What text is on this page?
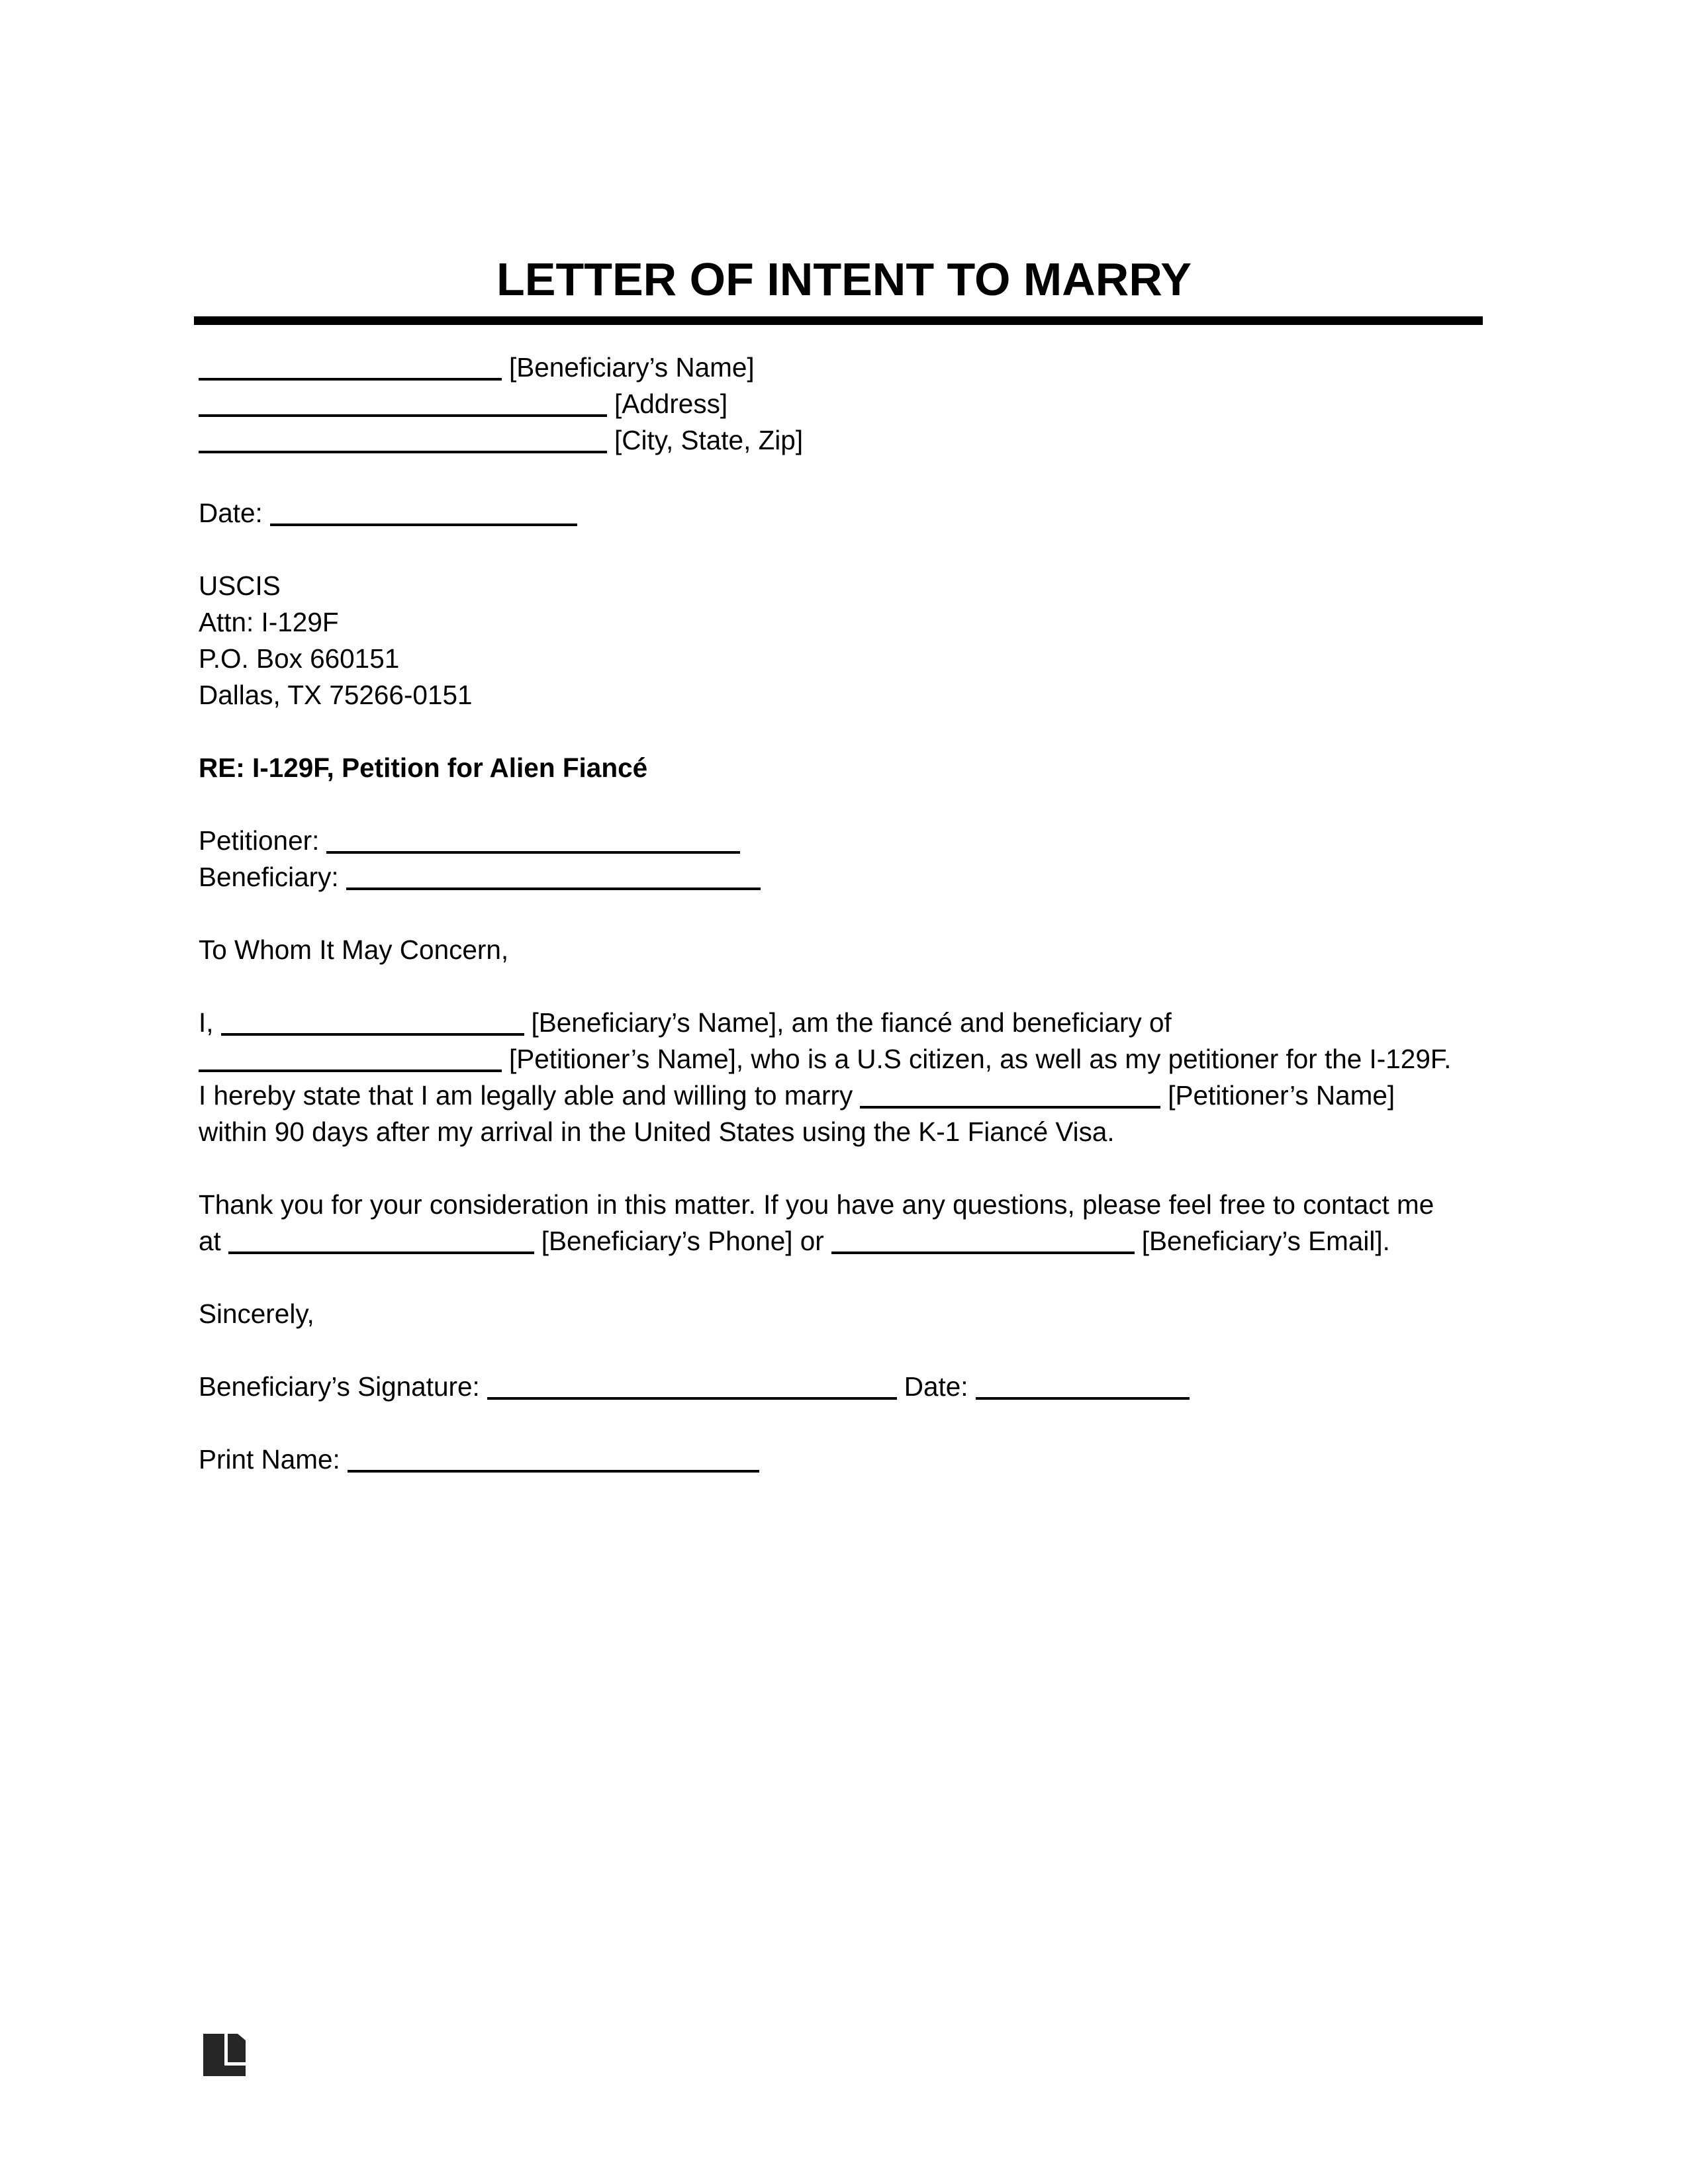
LETTER OF INTENT TO MARRY
[Beneficiary’s Name]
[Address]
[City, State, Zip]
Date:
USCIS
Attn: I-129F
P.O. Box 660151
Dallas, TX 75266-0151
RE: I-129F, Petition for Alien Fiancé
Petitioner:
Beneficiary:
To Whom It May Concern,
I,	[Beneficiary’s Name], am the fiancé and beneficiary of
[Petitioner’s Name], who is a U.S citizen, as well as my petitioner for the I-129F.
I hereby state that I am legally able and willing to marry	[Petitioner’s Name]
within 90 days after my arrival in the United States using the K-1 Fiancé Visa.
Thank you for your consideration in this matter. If you have any questions, please feel free to contact me
at	[Beneficiary’s Phone] or	[Beneficiary’s Email].
Sincerely,
Beneficiary’s Signature:	Date:
Print Name:
